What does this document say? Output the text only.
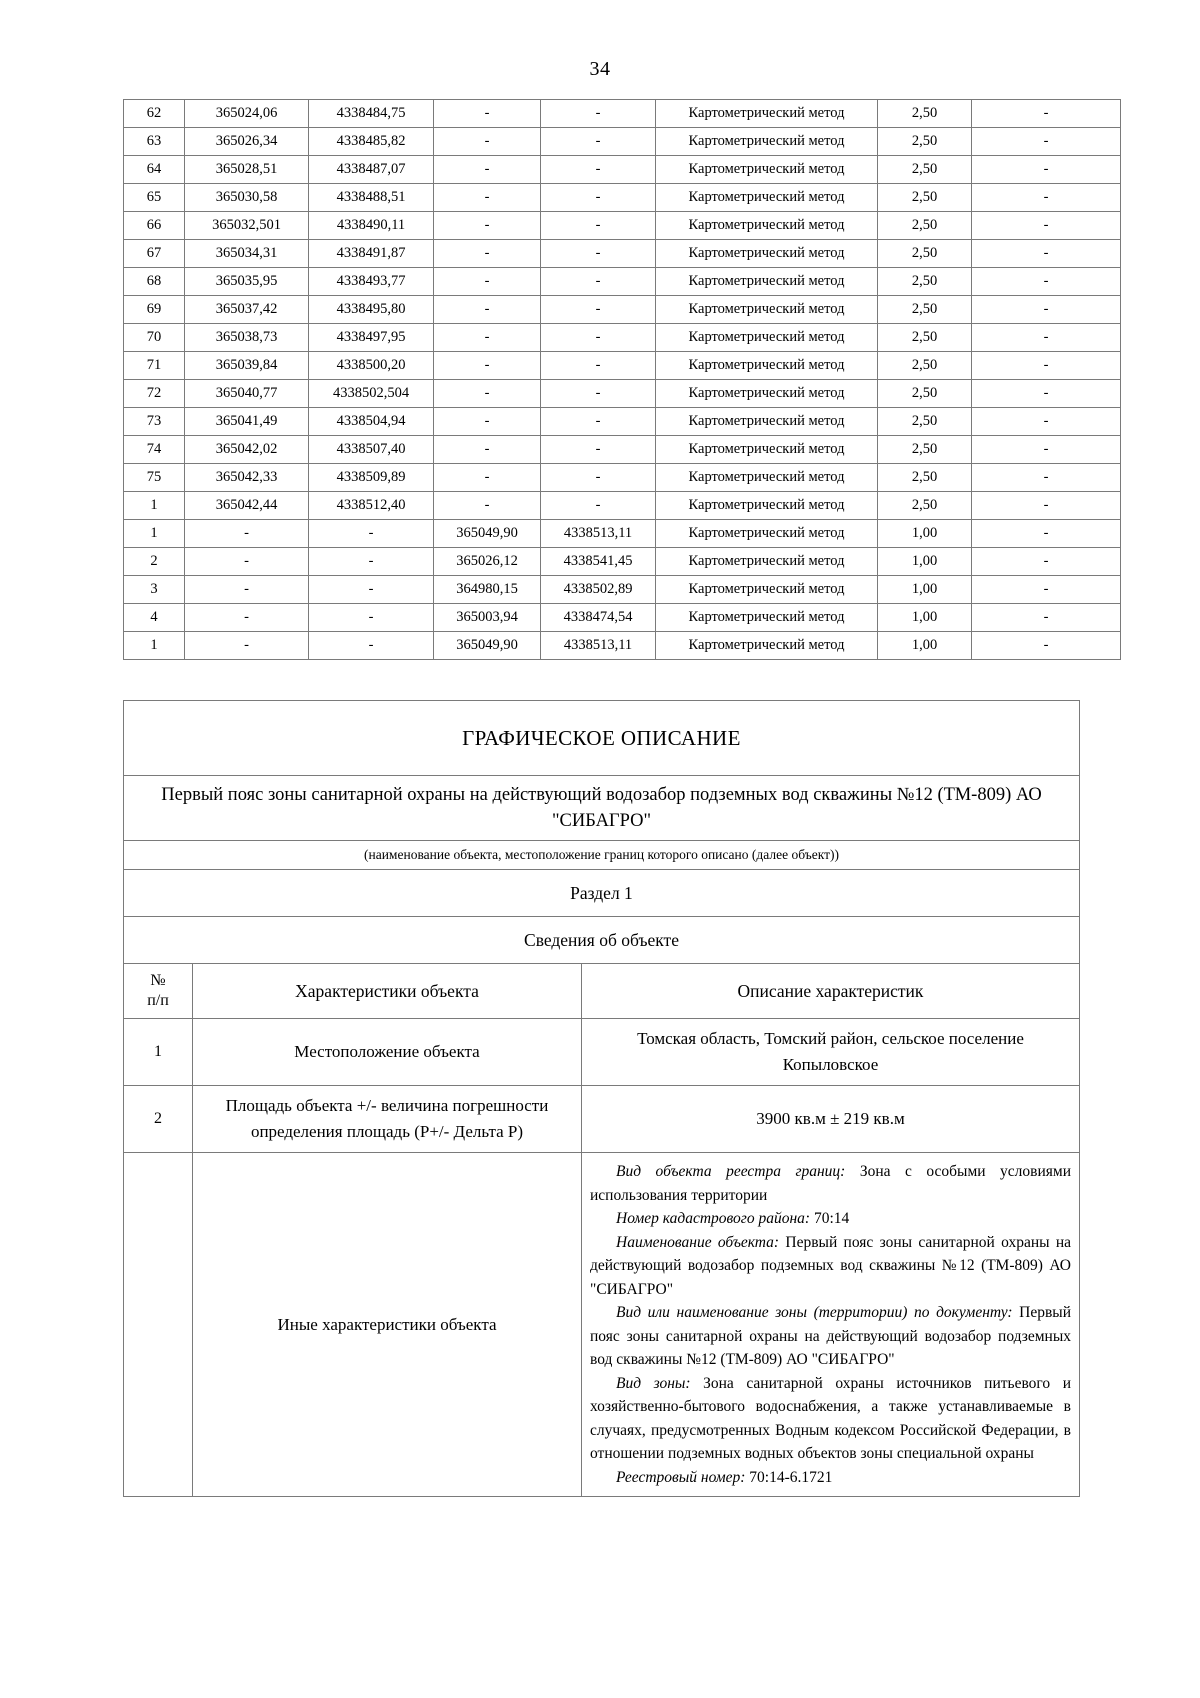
34
62	365024,06	4338484,75	-	-	Картометрический метод	2,50	-
63	365026,34	4338485,82	-	-	Картометрический метод	2,50	-
64	365028,51	4338487,07	-	-	Картометрический метод	2,50	-
65	365030,58	4338488,51	-	-	Картометрический метод	2,50	-
66	365032,501	4338490,11	-	-	Картометрический метод	2,50	-
67	365034,31	4338491,87	-	-	Картометрический метод	2,50	-
68	365035,95	4338493,77	-	-	Картометрический метод	2,50	-
69	365037,42	4338495,80	-	-	Картометрический метод	2,50	-
70	365038,73	4338497,95	-	-	Картометрический метод	2,50	-
71	365039,84	4338500,20	-	-	Картометрический метод	2,50	-
72	365040,77	4338502,504	-	-	Картометрический метод	2,50	-
73	365041,49	4338504,94	-	-	Картометрический метод	2,50	-
74	365042,02	4338507,40	-	-	Картометрический метод	2,50	-
75	365042,33	4338509,89	-	-	Картометрический метод	2,50	-
1	365042,44	4338512,40	-	-	Картометрический метод	2,50	-
1	-	-	365049,90	4338513,11	Картометрический метод	1,00	-
2	-	-	365026,12	4338541,45	Картометрический метод	1,00	-
3	-	-	364980,15	4338502,89	Картометрический метод	1,00	-
4	-	-	365003,94	4338474,54	Картометрический метод	1,00	-
1	-	-	365049,90	4338513,11	Картометрический метод	1,00	-
ГРАФИЧЕСКОЕ ОПИСАНИЕ
Первый пояс зоны санитарной охраны на действующий водозабор подземных вод скважины №12 (ТМ-809) АО "СИБАГРО"
(наименование объекта, местоположение границ которого описано (далее объект))
Раздел 1
Сведения об объекте
№
п/п	Характеристики объекта	Описание характеристик
1	Местоположение объекта	Томская область, Томский район, сельское поселение Копыловское
2	Площадь объекта +/- величина погрешности определения площадь (Р+/- Дельта Р)	3900 кв.м ± 219 кв.м
	Иные характеристики объекта	

Вид объекта реестра границ: Зона с особыми условиями использования территории

Номер кадастрового района: 70:14

Наименование объекта: Первый пояс зоны санитарной охраны на действующий водозабор подземных вод скважины №12 (ТМ-809) АО "СИБАГРО"

Вид или наименование зоны (территории) по документу: Первый пояс зоны санитарной охраны на действующий водозабор подземных вод скважины №12 (ТМ-809) АО "СИБАГРО"

Вид зоны: Зона санитарной охраны источников питьевого и хозяйственно-бытового водоснабжения, а также устанавливаемые в случаях, предусмотренных Водным кодексом Российской Федерации, в отношении подземных водных объектов зоны специальной охраны

Реестровый номер: 70:14-6.1721
